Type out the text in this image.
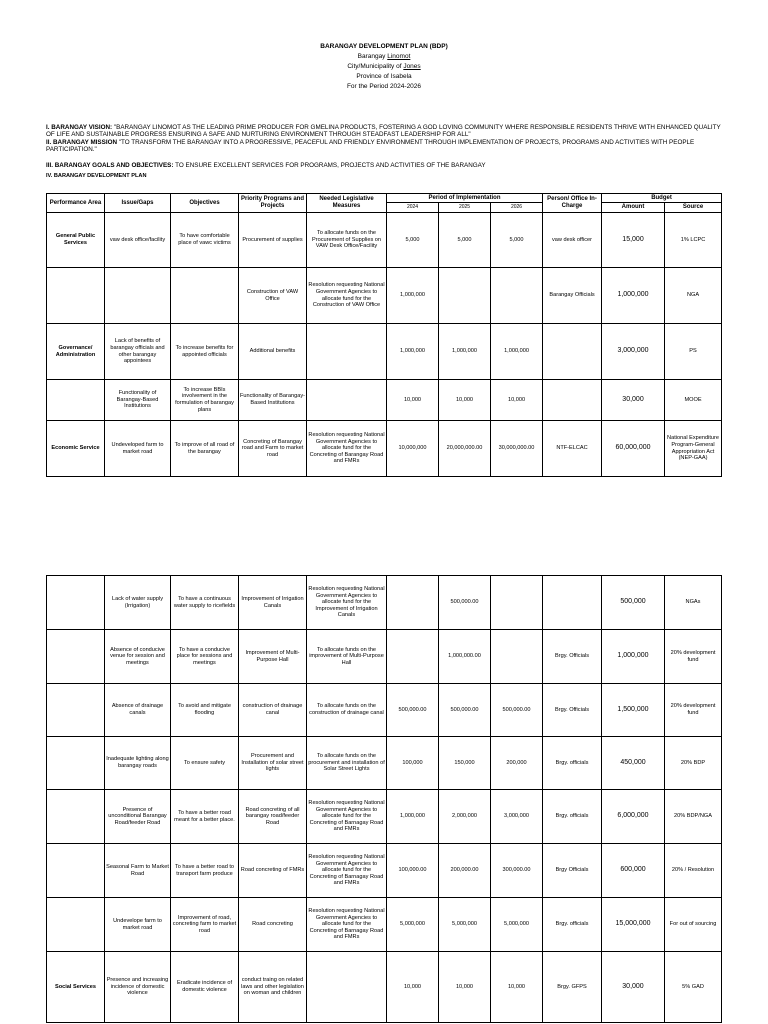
BARANGAY DEVELOPMENT PLAN (BDP)
Barangay Linomot
City/Municipality of Jones
Province of Isabela
For the Period 2024-2026
I. BARANGAY VISION: "BARANGAY LINOMOT AS THE LEADING PRIME PRODUCER FOR GMELINA PRODUCTS, FOSTERING A GOD LOVING COMMUNITY WHERE RESPONSIBLE RESIDENTS THRIVE WITH ENHANCED QUALITY OF LIFE AND SUSTAINABLE PROGRESS ENSURING A SAFE AND NURTURING ENVIRONMENT THROUGH STEADFAST LEADERSHIP FOR ALL"
II. BARANGAY MISSION "TO TRANSFORM THE BARANGAY INTO A PROGRESSIVE, PEACEFUL AND FRIENDLY ENVIRONMENT THROUGH IMPLEMENTATION OF PROJECTS, PROGRAMS AND ACTIVITIES WITH PEOPLE PARTICIPATION."
III. BARANGAY GOALS AND OBJECTIVES: TO ENSURE EXCELLENT SERVICES FOR PROGRAMS, PROJECTS AND ACTIVITIES OF THE BARANGAY
IV. BARANGAY DEVELOPMENT PLAN
Performance Area	Issue/Gaps	Objectives	Priority Programs and Projects	Needed Legislative Measures	Period of Implementation			Person/ Office In-Charge	Budget	
					2024	2025	2026		Amount	Source
General Public Services	vaw desk office/facility	To have comfortable place of vawc victims	Procurement of supplies	To allocate funds on the Procurement of Supplies on VAW Desk Office/Facility	5,000	5,000	5,000	vaw desk officer	15,000	1% LCPC
			Construction of VAW Office	Resolution requesting National Government Agencies to allocate fund for the Construction of VAW Office	1,000,000			Barangay Officials	1,000,000	NGA
Governance/ Administration	Lack of benefits of barangay officials and other barangay appointees	To increase benefits for appointed officials	Additional benefits		1,000,000	1,000,000	1,000,000		3,000,000	PS
	Functionality of Barangay-Based Institutions	To increase BBIs involvement in the formulation of barangay plans	Functionality of Barangay-Based Institutions		10,000	10,000	10,000		30,000	MOOE
Economic Service	Undeveloped farm to market road	To improve of all road of the barangay	Concreting of Barangay road and Farm to market road	Resolution requesting National Government Agencies to allocate fund for the Concreting of Barangay Road and FMRs	10,000,000	20,000,000.00	30,000,000.00	NTF-ELCAC	60,000,000	National Expenditure Program-General Appropriation Act (NEP-GAA)
	Lack of water supply (Irrigation)	To have a continuous water supply to ricefields	Improvement of Irrigation Canals	Resolution requesting National Government Agencies to allocate fund for the Improvement of Irrigation Canals		500,000.00			500,000	NGAs
	Absence of conducive venue for session and meetings	To have a conducive place for sessions and meetings	Improvement of Multi-Purpose Hall	To allocate funds on the improvement of Multi-Purpose Hall		1,000,000.00		Brgy. Officials	1,000,000	20% development fund
	Absence of drainage canals	To avoid and mitigate flooding	construction of drainage canal	To allocate funds on the construction of drainage canal	500,000.00	500,000.00	500,000.00	Brgy. Officials	1,500,000	20% development fund
	Inadequate lighting along barangay roads	To ensure safety	Procurement and Installation of solar street lights	To allocate funds on the procurement and installation of Solar Street Lights	100,000	150,000	200,000	Brgy. officials	450,000	20% BDP
	Presence of unconditional Barangay Road/feeder Road	To have a better road meant for a better place.	Road concreting of all barangay road/feeder Road	Resolution requesting National Government Agencies to allocate fund for the Concreting of Barnagay Road and FMRs	1,000,000	2,000,000	3,000,000	Brgy. officials	6,000,000	20% BDP/NGA
	Seasonal Farm to Market Road	To have a better road to transport farm produce	Road concreting of FMRs	Resolution requesting National Government Agencies to allocate fund for the Concreting of Barnagay Road and FMRs	100,000.00	200,000.00	300,000.00	Brgy Officials	600,000	20% / Resolution
	Undevelope farm to market road	Improvement of road, concreting farm to market road	Road concreting	Resolution requesting National Government Agencies to allocate fund for the Concreting of Barnagay Road and FMRs	5,000,000	5,000,000	5,000,000	Brgy. officials	15,000,000	For out of sourcing
Social Services	Presence and increasing incidence of domestic violence	Eradicate incidence of domestic violence	conduct traing on related laws and other legislation on woman and children		10,000	10,000	10,000	Brgy. GFPS	30,000	5% GAD
